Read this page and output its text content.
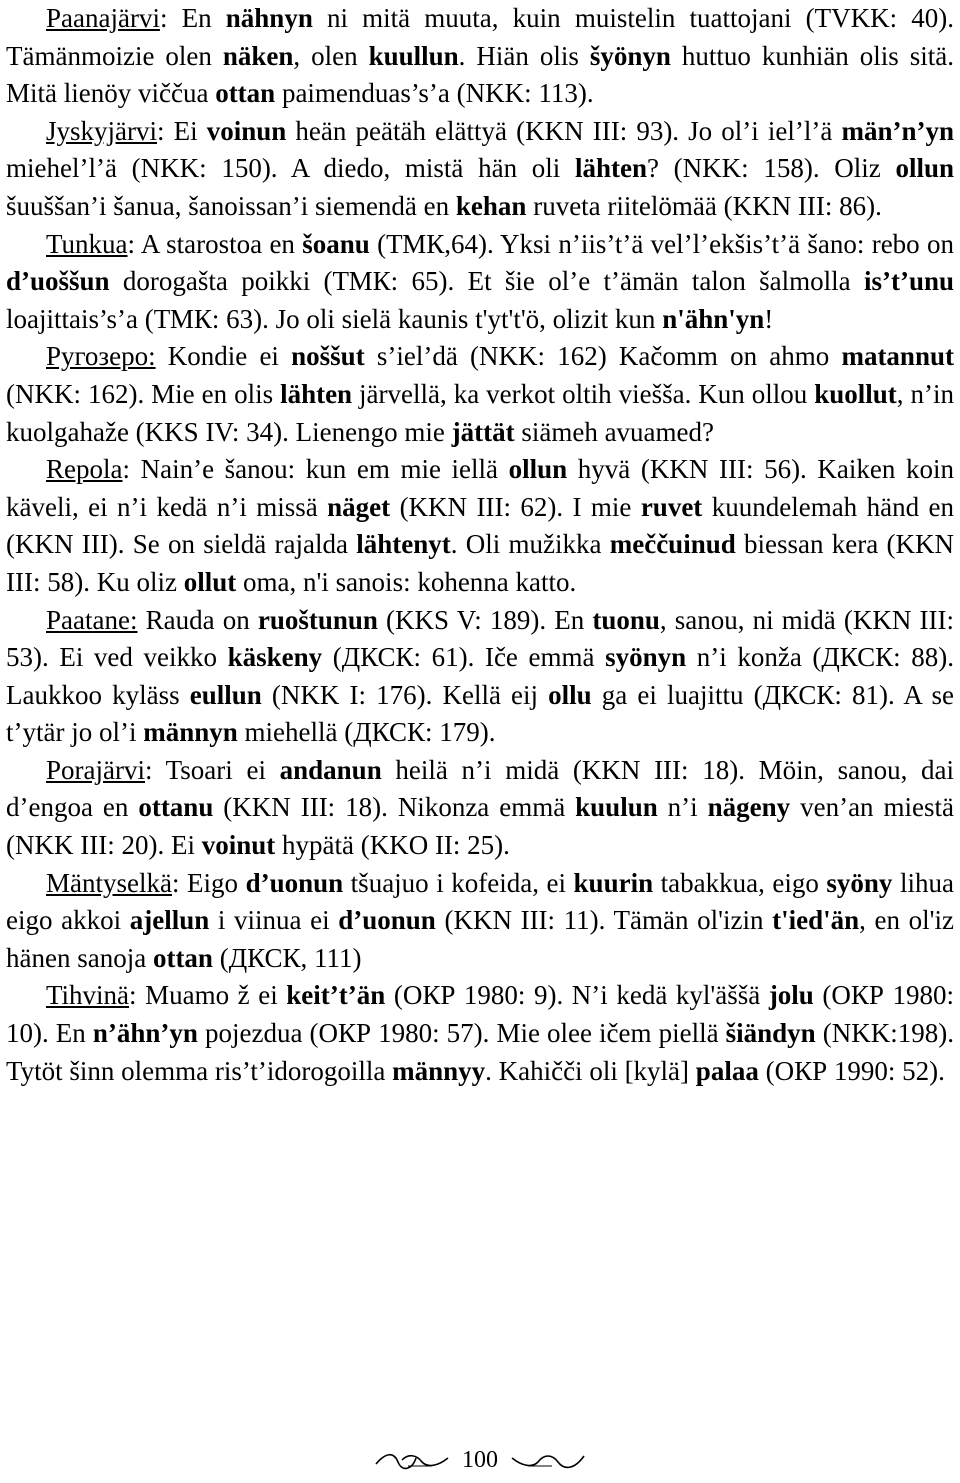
Paanajärvi: En nähnyn ni mitä muuta, kuin muistelin tuattojani (TVKK: 40). Tämänmoizie olen näken, olen kuullun. Hiän olis šyönyn huttuo kunhiän olis sitä. Mitä lienöy viččua ottan paimenduas’s’a (NKK: 113).

Jyskyjärvi: Ei voinun heän peätäh elättyä (KKN III: 93). Jo ol’i iel’l’ä män’n’yn miehel’l’ä (NKK: 150). A diedo, mistä hän oli lähten? (NKK: 158). Oliz ollun šuuššan’i šanua, šanoissan’i siemendä en kehan ruveta riitelömää (KKN III: 86).

Tunkua: A starostoa en šoanu (ТМК,64). Yksi n’iis’t’ä vel’l’ekšis’t’ä šano: rebo on d’uoššun dorogašta poikki (ТМК: 65). Et šie ol’e t’ämän talon šalmolla is’t’unu loajittais’s’a (ТМК: 63). Jo oli sielä kaunis t'yt't'ö, olizit kun n'ähn'yn!

Ругозеро: Kondie ei noššut s’iel’dä (NKK: 162) Kačomm on ahmo matannut (NKK: 162). Mie en olis lähten järvellä, ka verkot oltih viešša. Kun ollou kuollut, n’in kuolgahaže (KKS IV: 34). Lienengo mie jättät siämeh avuamed?

Repola: Nain’e šanou: kun em mie iellä ollun hyvä (KKN III: 56). Kaiken koin käveli, ei n’i kedä n’i missä näget (KKN III: 62). I mie ruvet kuundelemah händ en (KKN III). Se on sieldä rajalda lähtenyt. Oli mužikka meččuinud biessan kera (KKN III: 58). Ku oliz ollut oma, n'i sanois: kohenna katto.

Paatane: Rauda on ruoštunun (KKS V: 189). En tuonu, sanou, ni midä (KKN III: 53). Ei ved veikko käskeny (ДКСК: 61). Iče emmä syönyn n’i konža (ДКСК: 88). Laukkoo kyläss eullun (NKK I: 176). Kellä eij ollu ga ei luajittu (ДКСК: 81). A se t’ytär jo ol’i männyn miehellä (ДКСК: 179).

Porajärvi: Tsoari ei andanun heilä n’i midä (KKN III: 18). Möin, sanou, dai d’engoa en ottanu (KKN III: 18). Nikonza emmä kuulun n’i nägeny ven’an miestä (NKK III: 20). Ei voinut hypätä (KKO II: 25).

Mäntyselkä: Eigo d’uonun tšuajuo i kofeida, ei kuurin tabakkua, eigo syöny lihua eigo akkoi ajellun i viinua ei d’uonun (KKN III: 11). Tämän ol'izin t'ied'än, en ol'iz hänen sanoja ottan (ДКСК, 111)

Tihvinä: Muamo ž ei keit’t’än (ОКР 1980: 9). N’i kedä kyl'äššä jolu (ОКР 1980: 10). En n’ähn’yn pojezdua (ОКР 1980: 57). Mie olee ičem piellä šiändyn (NKK:198). Tytöt šinn olemma ris’t’idorogoilla männyy. Kahičči oli [kylä] palaa (ОКР 1990: 52).

100
